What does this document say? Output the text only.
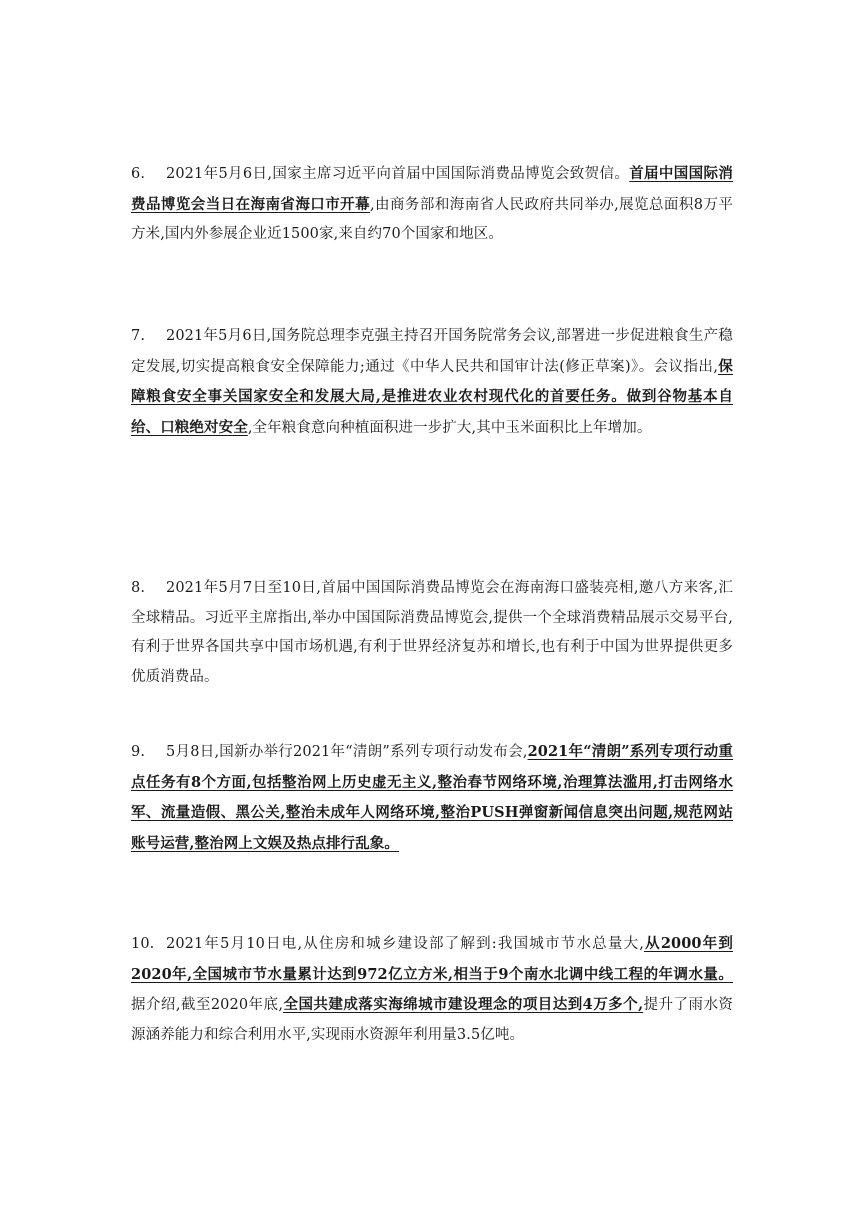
6. 2021年5月6日,国家主席习近平向首届中国国际消费品博览会致贺信。首届中国国际消费品博览会当日在海南省海口市开幕,由商务部和海南省人民政府共同举办,展览总面积8万平方米,国内外参展企业近1500家,来自约70个国家和地区。

7. 2021年5月6日,国务院总理李克强主持召开国务院常务会议,部署进一步促进粮食生产稳定发展,切实提高粮食安全保障能力;通过《中华人民共和国审计法(修正草案)》。会议指出,保障粮食安全事关国家安全和发展大局,是推进农业农村现代化的首要任务。做到谷物基本自给、口粮绝对安全,全年粮食意向种植面积进一步扩大,其中玉米面积比上年增加。

8. 2021年5月7日至10日,首届中国国际消费品博览会在海南海口盛装亮相,邀八方来客,汇全球精品。习近平主席指出,举办中国国际消费品博览会,提供一个全球消费精品展示交易平台,有利于世界各国共享中国市场机遇,有利于世界经济复苏和增长,也有利于中国为世界提供更多优质消费品。

9. 5月8日,国新办举行2021年“清朗”系列专项行动发布会,2021年“清朗”系列专项行动重点任务有8个方面,包括整治网上历史虚无主义,整治春节网络环境,治理算法滥用,打击网络水军、流量造假、黑公关,整治未成年人网络环境,整治PUSH弹窗新闻信息突出问题,规范网站账号运营,整治网上文娱及热点排行乱象。

10. 2021年5月10日电,从住房和城乡建设部了解到:我国城市节水总量大,从2000年到2020年,全国城市节水量累计达到972亿立方米,相当于9个南水北调中线工程的年调水量。据介绍,截至2020年底,全国共建成落实海绵城市建设理念的项目达到4万多个,提升了雨水资源涵养能力和综合利用水平,实现雨水资源年利用量3.5亿吨。
